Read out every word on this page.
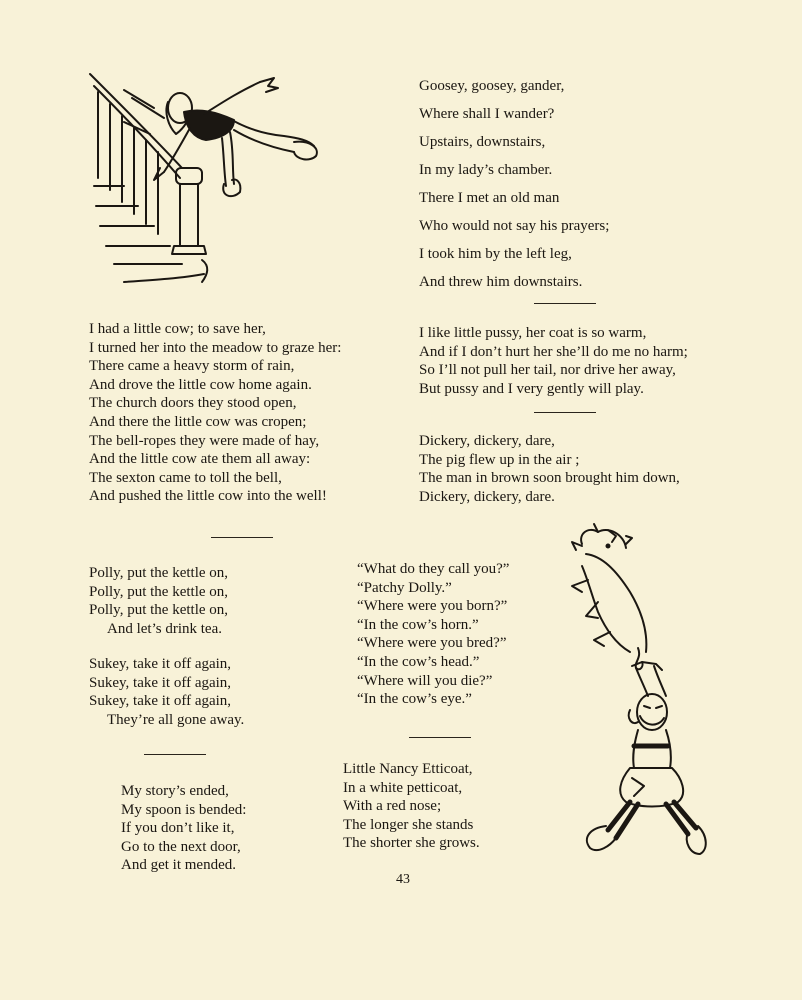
Goosey, goosey, gander,
Where shall I wander?
Upstairs, downstairs,
In my lady’s chamber.
There I met an old man
Who would not say his prayers;
I took him by the left leg,
And threw him downstairs.
I had a little cow; to save her,
I turned her into the meadow to graze her:
There came a heavy storm of rain,
And drove the little cow home again.
The church doors they stood open,
And there the little cow was cropen;
The bell-ropes they were made of hay,
And the little cow ate them all away:
The sexton came to toll the bell,
And pushed the little cow into the well!
I like little pussy, her coat is so warm,
And if I don’t hurt her she’ll do me no harm;
So I’ll not pull her tail, nor drive her away,
But pussy and I very gently will play.
Dickery, dickery, dare,
The pig flew up in the air ;
The man in brown soon brought him down,
Dickery, dickery, dare.
Polly, put the kettle on,
Polly, put the kettle on,
Polly, put the kettle on,
And let’s drink tea.
Sukey, take it off again,
Sukey, take it off again,
Sukey, take it off again,
They’re all gone away.
“What do they call you?”
“Patchy Dolly.”
“Where were you born?”
“In the cow’s horn.”
“Where were you bred?”
“In the cow’s head.”
“Where will you die?”
“In the cow’s eye.”
Little Nancy Etticoat,
In a white petticoat,
With a red nose;
The longer she stands
The shorter she grows.
My story’s ended,
My spoon is bended:
If you don’t like it,
Go to the next door,
And get it mended.
43
